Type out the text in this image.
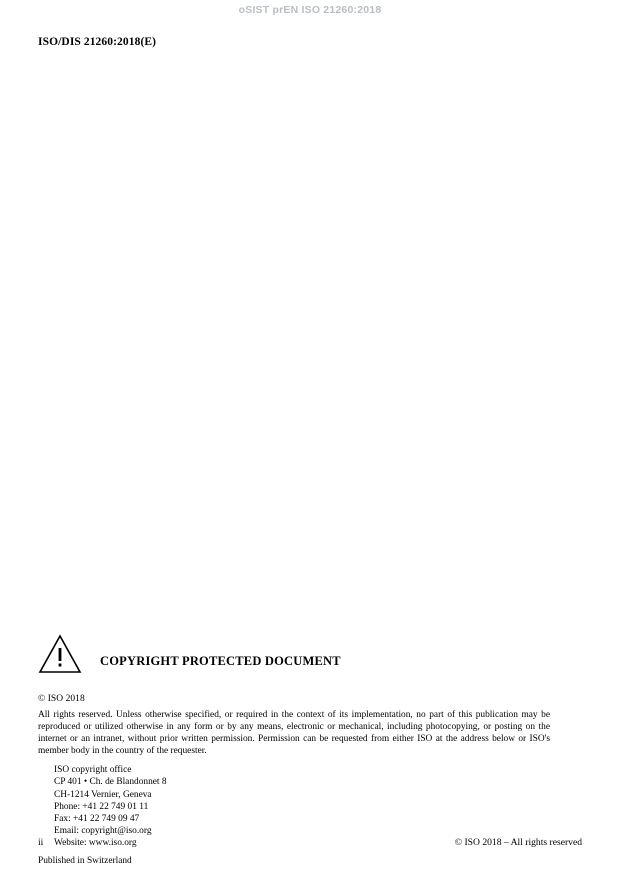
oSIST prEN ISO 21260:2018
ISO/DIS 21260:2018(E)
COPYRIGHT PROTECTED DOCUMENT
© ISO 2018
All rights reserved. Unless otherwise specified, or required in the context of its implementation, no part of this publication may be reproduced or utilized otherwise in any form or by any means, electronic or mechanical, including photocopying, or posting on the internet or an intranet, without prior written permission. Permission can be requested from either ISO at the address below or ISO's member body in the country of the requester.
ISO copyright office
CP 401 • Ch. de Blandonnet 8
CH-1214 Vernier, Geneva
Phone: +41 22 749 01 11
Fax: +41 22 749 09 47
Email: copyright@iso.org
Website: www.iso.org
Published in Switzerland
ii	© ISO 2018 – All rights reserved
